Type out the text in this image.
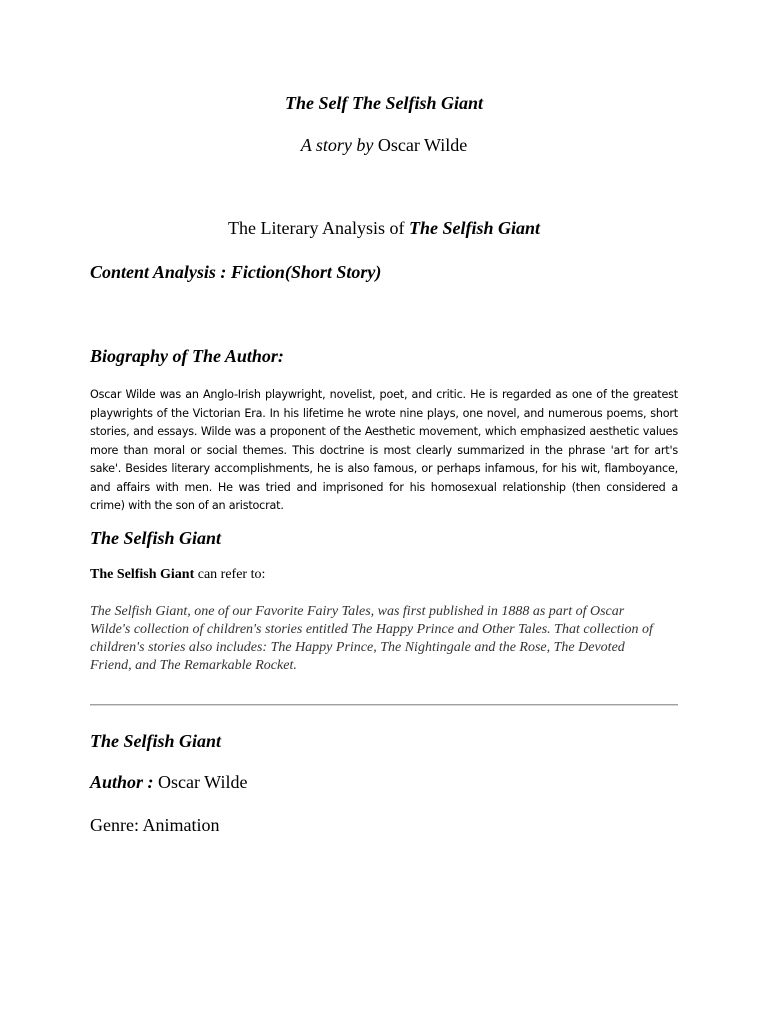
The Self The Selfish Giant

A story by Oscar Wilde

The Literary Analysis of The Selfish Giant

Content Analysis : Fiction(Short Story)

Biography of The Author:

Oscar Wilde was an Anglo-Irish playwright, novelist, poet, and critic. He is regarded as one of the greatest playwrights of the Victorian Era. In his lifetime he wrote nine plays, one novel, and numerous poems, short stories, and essays. Wilde was a proponent of the Aesthetic movement, which emphasized aesthetic values more than moral or social themes. This doctrine is most clearly summarized in the phrase 'art for art's sake'. Besides literary accomplishments, he is also famous, or perhaps infamous, for his wit, flamboyance, and affairs with men. He was tried and imprisoned for his homosexual relationship (then considered a crime) with the son of an aristocrat.

The Selfish Giant

The Selfish Giant can refer to:

The Selfish Giant, one of our Favorite Fairy Tales, was first published in 1888 as part of Oscar Wilde's collection of children's stories entitled The Happy Prince and Other Tales. That collection of children's stories also includes: The Happy Prince, The Nightingale and the Rose, The Devoted Friend, and The Remarkable Rocket.

The Selfish Giant

Author : Oscar Wilde

Genre: Animation
